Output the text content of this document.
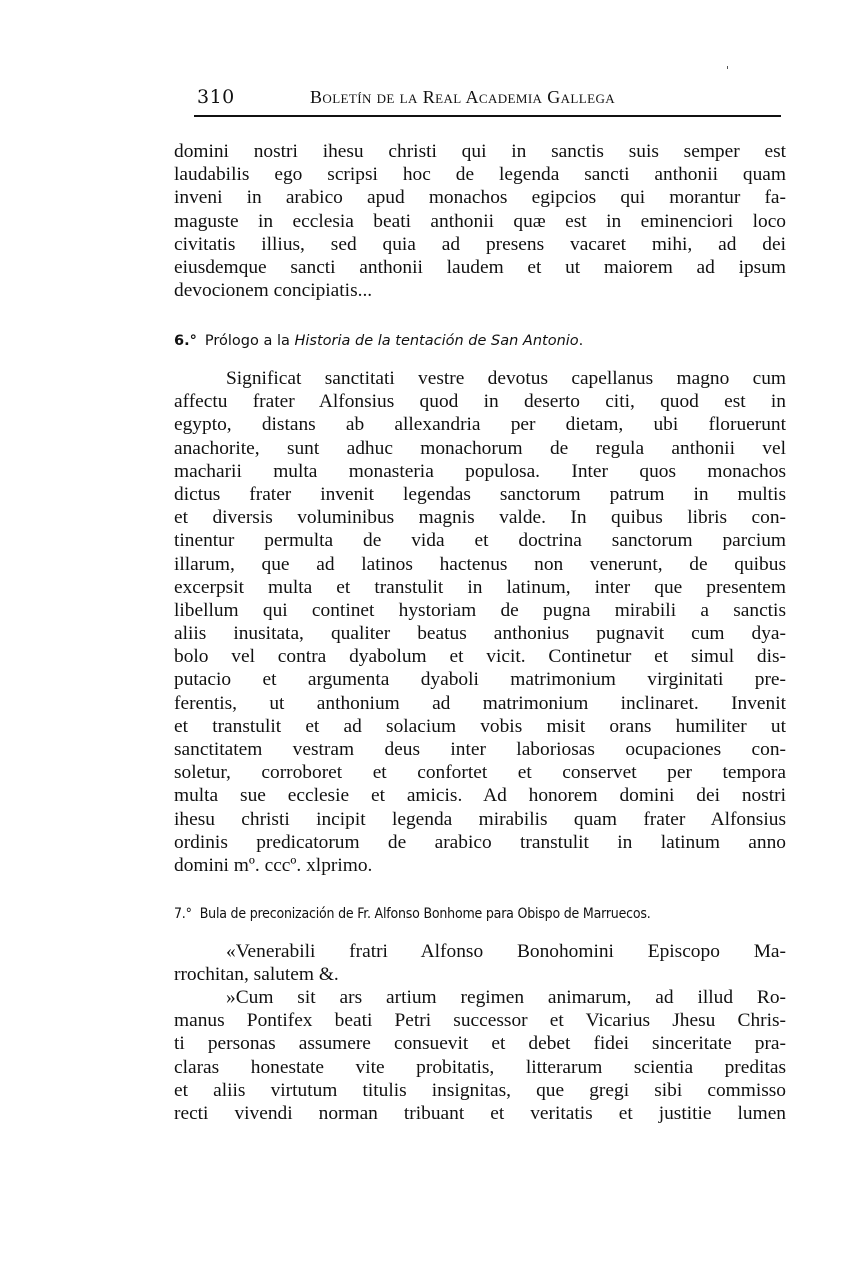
310	Boletín de la Real Academia Gallega
domini nostri ihesu christi qui in sanctis suis semper est
laudabilis ego scripsi hoc de legenda sancti anthonii quam
inveni in arabico apud monachos egipcios qui morantur fa-
maguste in ecclesia beati anthonii quæ est in eminenciori loco
civitatis illius, sed quia ad presens vacaret mihi, ad dei
eiusdemque sancti anthonii laudem et ut maiorem ad ipsum
devocionem concipiatis...
6.° Prólogo a la Historia de la tentación de San Antonio.
Significat sanctitati vestre devotus capellanus magno cum
affectu frater Alfonsius quod in deserto citi, quod est in
egypto, distans ab allexandria per dietam, ubi floruerunt
anachorite, sunt adhuc monachorum de regula anthonii vel
macharii multa monasteria populosa. Inter quos monachos
dictus frater invenit legendas sanctorum patrum in multis
et diversis voluminibus magnis valde. In quibus libris con-
tinentur permulta de vida et doctrina sanctorum parcium
illarum, que ad latinos hactenus non venerunt, de quibus
excerpsit multa et transtulit in latinum, inter que presentem
libellum qui continet hystoriam de pugna mirabili a sanctis
aliis inusitata, qualiter beatus anthonius pugnavit cum dya-
bolo vel contra dyabolum et vicit. Continetur et simul dis-
putacio et argumenta dyaboli matrimonium virginitati pre-
ferentis, ut anthonium ad matrimonium inclinaret. Invenit
et transtulit et ad solacium vobis misit orans humiliter ut
sanctitatem vestram deus inter laboriosas ocupaciones con-
soletur, corroboret et confortet et conservet per tempora
multa sue ecclesie et amicis. Ad honorem domini dei nostri
ihesu christi incipit legenda mirabilis quam frater Alfonsius
ordinis predicatorum de arabico transtulit in latinum anno
domini mº. cccº. xlprimo.
7.° Bula de preconización de Fr. Alfonso Bonhome para Obispo de Marruecos.
«Venerabili fratri Alfonso Bonohomini Episcopo Ma-
rrochitan, salutem &.
»Cum sit ars artium regimen animarum, ad illud Ro-
manus Pontifex beati Petri successor et Vicarius Jhesu Chris-
ti personas assumere consuevit et debet fidei sinceritate pra-
claras honestate vite probitatis, litterarum scientia preditas
et aliis virtutum titulis insignitas, que gregi sibi commisso
recti vivendi norman tribuant et veritatis et justitie lumen
